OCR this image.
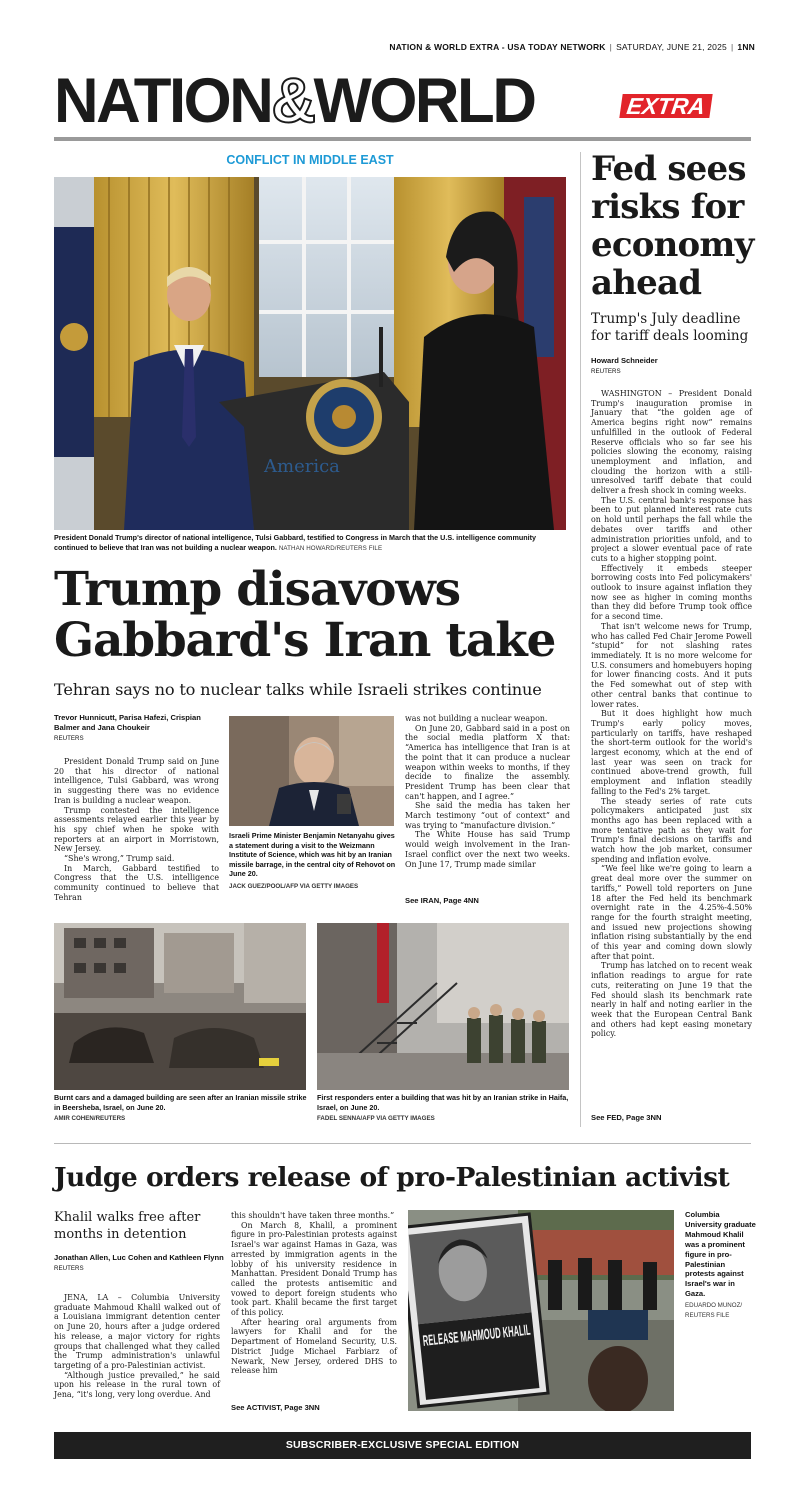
NATION & WORLD EXTRA - USA TODAY NETWORK | SATURDAY, JUNE 21, 2025 | 1NN
NATION&WORLD	EXTRA
CONFLICT IN MIDDLE EAST
America
President Donald Trump's director of national intelligence, Tulsi Gabbard, testified to Congress in March that the U.S. intelligence community continued to believe that Iran was not building a nuclear weapon. NATHAN HOWARD/REUTERS FILE
Trump disavows
Gabbard's Iran take
Tehran says no to nuclear talks while Israeli strikes continue
Trevor Hunnicutt, Parisa Hafezi, Crispian Balmer and Jana Choukeir
REUTERS

President Donald Trump said on June 20 that his director of national intelligence, Tulsi Gabbard, was wrong in suggesting there was no evidence Iran is building a nuclear weapon.

Trump contested the intelligence assessments relayed earlier this year by his spy chief when he spoke with reporters at an airport in Morristown, New Jersey.

“She's wrong,” Trump said.

In March, Gabbard testified to Congress that the U.S. intelligence community continued to believe that Tehran

Israeli Prime Minister Benjamin Netanyahu gives a statement during a visit to the Weizmann Institute of Science, which was hit by an Iranian missile barrage, in the central city of Rehovot on June 20.
JACK GUEZ/POOL/AFP VIA GETTY IMAGES

was not building a nuclear weapon.

On June 20, Gabbard said in a post on the social media platform X that: “America has intelligence that Iran is at the point that it can produce a nuclear weapon within weeks to months, if they decide to finalize the assembly. President Trump has been clear that can't happen, and I agree.”

She said the media has taken her March testimony “out of context” and was trying to “manufacture division.”

The White House has said Trump would weigh involvement in the Iran-Israel conflict over the next two weeks. On June 17, Trump made similar

See IRAN, Page 4NN
Burnt cars and a damaged building are seen after an Iranian missile strike in Beersheba, Israel, on June 20.
AMIR COHEN/REUTERS
First responders enter a building that was hit by an Iranian strike in Haifa, Israel, on June 20.
FADEL SENNA/AFP VIA GETTY IMAGES
Fed sees risks for economy ahead
Trump's July deadline for tariff deals looming
Howard Schneider
REUTERS

WASHINGTON – President Donald Trump's inauguration promise in January that “the golden age of America begins right now” remains unfulfilled in the outlook of Federal Reserve officials who so far see his policies slowing the economy, raising unemployment and inflation, and clouding the horizon with a still-unresolved tariff debate that could deliver a fresh shock in coming weeks.

The U.S. central bank's response has been to put planned interest rate cuts on hold until perhaps the fall while the debates over tariffs and other administration priorities unfold, and to project a slower eventual pace of rate cuts to a higher stopping point.

Effectively it embeds steeper borrowing costs into Fed policymakers' outlook to insure against inflation they now see as higher in coming months than they did before Trump took office for a second time.

That isn't welcome news for Trump, who has called Fed Chair Jerome Powell “stupid” for not slashing rates immediately. It is no more welcome for U.S. consumers and homebuyers hoping for lower financing costs. And it puts the Fed somewhat out of step with other central banks that continue to lower rates.

But it does highlight how much Trump's early policy moves, particularly on tariffs, have reshaped the short-term outlook for the world's largest economy, which at the end of last year was seen on track for continued above-trend growth, full employment and inflation steadily falling to the Fed's 2% target.

The steady series of rate cuts policymakers anticipated just six months ago has been replaced with a more tentative path as they wait for Trump's final decisions on tariffs and watch how the job market, consumer spending and inflation evolve.

“We feel like we're going to learn a great deal more over the summer on tariffs,” Powell told reporters on June 18 after the Fed held its benchmark overnight rate in the 4.25%-4.50% range for the fourth straight meeting, and issued new projections showing inflation rising substantially by the end of this year and coming down slowly after that point.

Trump has latched on to recent weak inflation readings to argue for rate cuts, reiterating on June 19 that the Fed should slash its benchmark rate nearly in half and noting earlier in the week that the European Central Bank and others had kept easing monetary policy.

See FED, Page 3NN
Judge orders release of pro-Palestinian activist
Khalil walks free after months in detention
Jonathan Allen, Luc Cohen and Kathleen Flynn
REUTERS

JENA, LA – Columbia University graduate Mahmoud Khalil walked out of a Louisiana immigrant detention center on June 20, hours after a judge ordered his release, a major victory for rights groups that challenged what they called the Trump administration's unlawful targeting of a pro-Palestinian activist.

“Although justice prevailed,” he said upon his release in the rural town of Jena, “it's long, very long overdue. And

this shouldn't have taken three months.”

On March 8, Khalil, a prominent figure in pro-Palestinian protests against Israel's war against Hamas in Gaza, was arrested by immigration agents in the lobby of his university residence in Manhattan. President Donald Trump has called the protests antisemitic and vowed to deport foreign students who took part. Khalil became the first target of this policy.

After hearing oral arguments from lawyers for Khalil and for the Department of Homeland Security, U.S. District Judge Michael Farbiarz of Newark, New Jersey, ordered DHS to release him

See ACTIVIST, Page 3NN
RELEASE MAHMOUD KHALIL
Columbia University graduate Mahmoud Khalil was a prominent figure in pro-Palestinian protests against Israel's war in Gaza.
EDUARDO MUNOZ/ REUTERS FILE
SUBSCRIBER-EXCLUSIVE SPECIAL EDITION
